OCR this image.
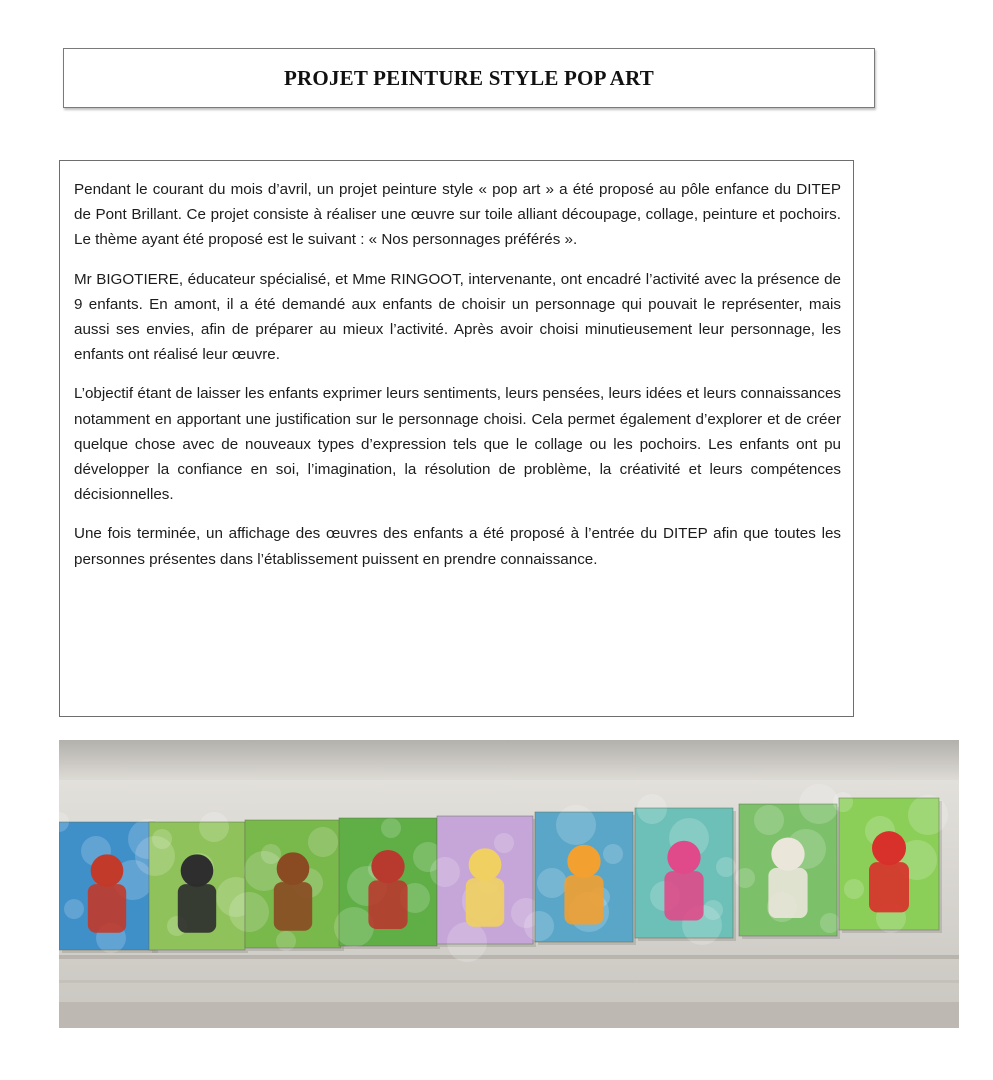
PROJET PEINTURE STYLE POP ART

Pendant le courant du mois d’avril, un projet peinture style « pop art » a été proposé au pôle enfance du DITEP de Pont Brillant. Ce projet consiste à réaliser une œuvre sur toile alliant découpage, collage, peinture et pochoirs. Le thème ayant été proposé est le suivant : « Nos personnages préférés ».

Mr BIGOTIERE, éducateur spécialisé, et Mme RINGOOT, intervenante, ont encadré l’activité avec la présence de 9 enfants. En amont, il a été demandé aux enfants de choisir un personnage qui pouvait le représenter, mais aussi ses envies, afin de préparer au mieux l’activité. Après avoir choisi minutieusement leur personnage, les enfants ont réalisé leur œuvre.

L’objectif étant de laisser les enfants exprimer leurs sentiments, leurs pensées, leurs idées et leurs connaissances notamment en apportant une justification sur le personnage choisi. Cela permet également d’explorer et de créer quelque chose avec de nouveaux types d’expression tels que le collage ou les pochoirs. Les enfants ont pu développer la confiance en soi, l’imagination, la résolution de problème, la créativité et leurs compétences décisionnelles.

Une fois terminée, un affichage des œuvres des enfants a été proposé à l’entrée du DITEP afin que toutes les personnes présentes dans l’établissement puissent en prendre connaissance.
